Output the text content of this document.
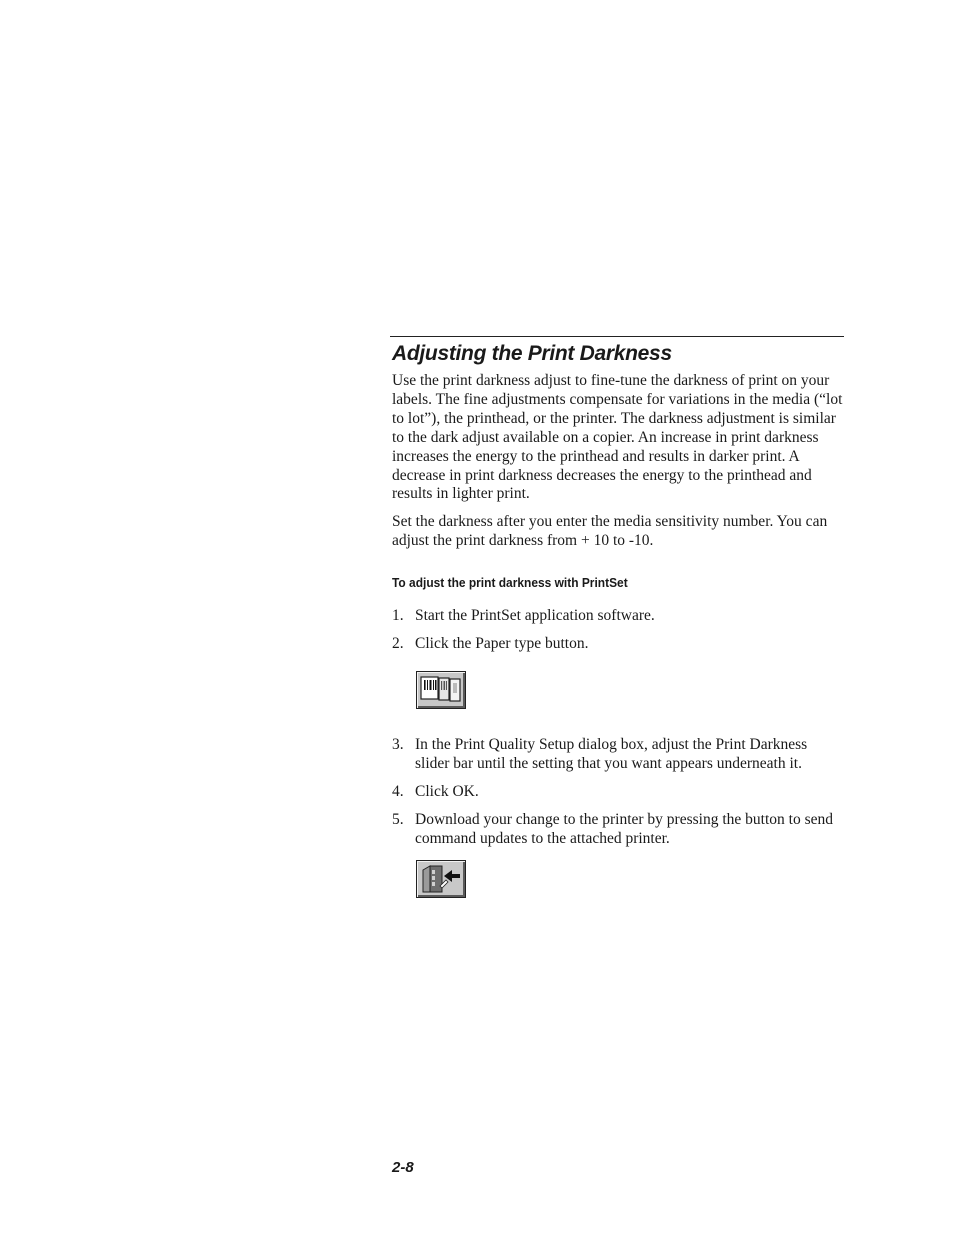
Adjusting the Print Darkness

Use the print darkness adjust to fine-tune the darkness of print on your labels. The fine adjustments compensate for variations in the media (“lot to lot”), the printhead, or the printer. The darkness adjustment is similar to the dark adjust available on a copier. An increase in print darkness increases the energy to the printhead and results in darker print. A decrease in print darkness decreases the energy to the printhead and results in lighter print.

Set the darkness after you enter the media sensitivity number. You can adjust the print darkness from + 10 to -10.

To adjust the print darkness with PrintSet
1. Start the PrintSet application software.
2. Click the Paper type button.
3. In the Print Quality Setup dialog box, adjust the Print Darkness slider bar until the setting that you want appears underneath it.
4. Click OK.
5. Download your change to the printer by pressing the button to send command updates to the attached printer.
2-8
